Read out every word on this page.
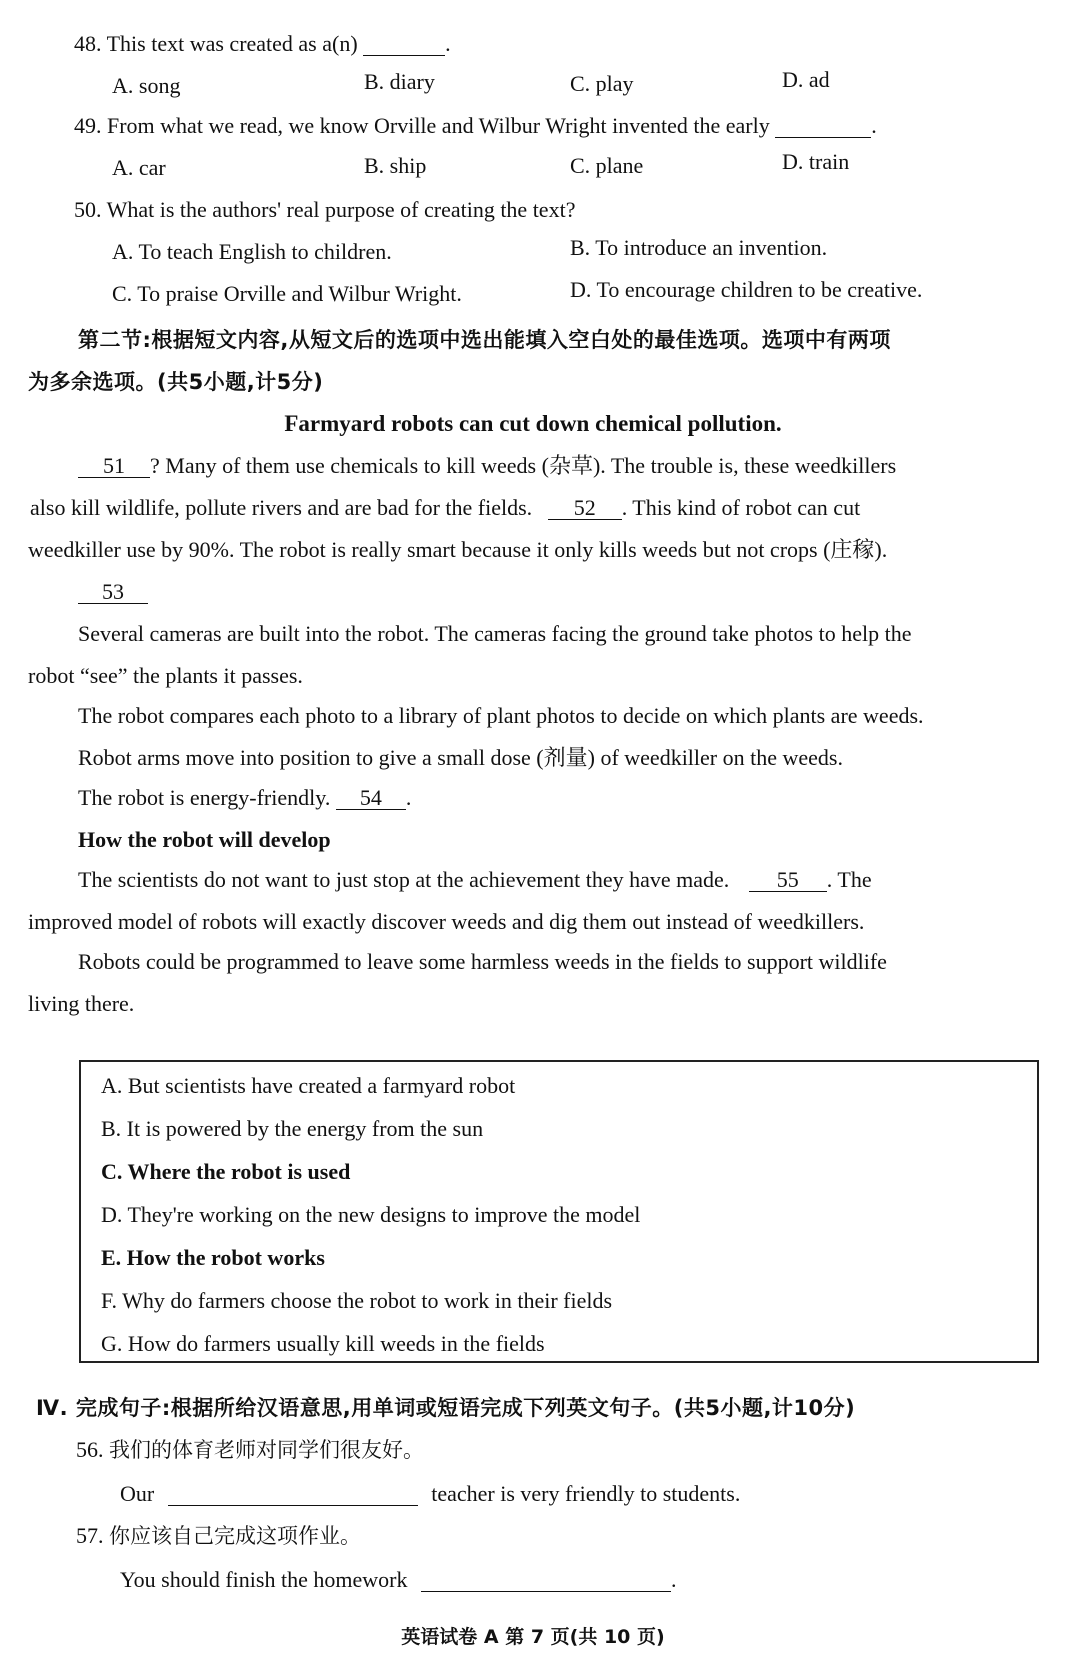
48. This text was created as a(n)	.
A. song	B. diary	C. play	D. ad
49. From what we read, we know Orville and Wilbur Wright invented the early	.
A. car	B. ship	C. plane	D. train
50. What is the authors' real purpose of creating the text?
A. To teach English to children.	B. To introduce an invention.
C. To praise Orville and Wilbur Wright.	D. To encourage children to be creative.
第二节:根据短文内容,从短文后的选项中选出能填入空白处的最佳选项。选项中有两项
为多余选项。(共5小题,计5分)
Farmyard robots can cut down chemical pollution.
51 ? Many of them use chemicals to kill weeds (杂草). The trouble is, these weedkillers
also kill wildlife, pollute rivers and are bad for the fields. 52 . This kind of robot can cut
weedkiller use by 90%. The robot is really smart because it only kills weeds but not crops (庄稼).
53
Several cameras are built into the robot. The cameras facing the ground take photos to help the
robot “see” the plants it passes.
The robot compares each photo to a library of plant photos to decide on which plants are weeds.
Robot arms move into position to give a small dose (剂量) of weedkiller on the weeds.
The robot is energy-friendly. 54 .
How the robot will develop
The scientists do not want to just stop at the achievement they have made. 55 . The
improved model of robots will exactly discover weeds and dig them out instead of weedkillers.
Robots could be programmed to leave some harmless weeds in the fields to support wildlife
living there.
A. But scientists have created a farmyard robot
B. It is powered by the energy from the sun
C. Where the robot is used
D. They're working on the new designs to improve the model
E. How the robot works
F. Why do farmers choose the robot to work in their fields
G. How do farmers usually kill weeds in the fields
Ⅳ. 完成句子:根据所给汉语意思,用单词或短语完成下列英文句子。(共5小题,计10分)
56. 我们的体育老师对同学们很友好。
Our	teacher is very friendly to students.
57. 你应该自己完成这项作业。
You should finish the homework	.
英语试卷 A 第 7 页(共 10 页)
